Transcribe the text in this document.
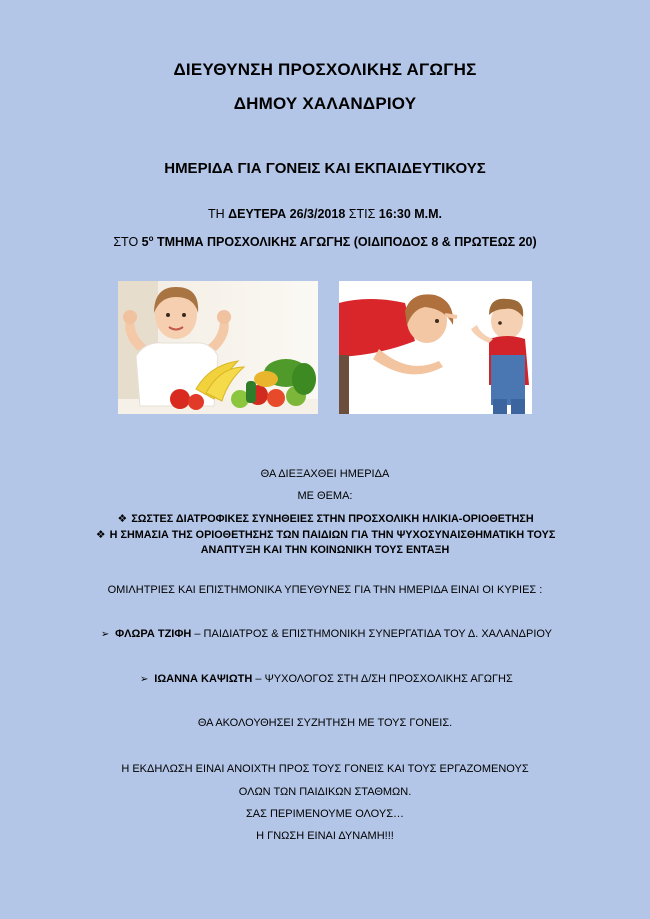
ΔΙΕΥΘΥΝΣΗ ΠΡΟΣΧΟΛΙΚΗΣ ΑΓΩΓΗΣ
ΔΗΜΟΥ ΧΑΛΑΝΔΡΙΟΥ
ΗΜΕΡΙΔΑ ΓΙΑ ΓΟΝΕΙΣ ΚΑΙ ΕΚΠΑΙΔΕΥΤΙΚΟΥΣ
ΤΗ ΔΕΥΤΕΡΑ 26/3/2018 ΣΤΙΣ 16:30 Μ.Μ.
ΣΤΟ $5^o$ ΤΜΗΜΑ ΠΡΟΣΧΟΛΙΚΗΣ ΑΓΩΓΗΣ (ΟΙΔΙΠΟΔΟΣ 8 & ΠΡΩΤΕΩΣ 20)
ΘΑ ΔΙΕΞΑΧΘΕΙ ΗΜΕΡΙΔΑ
ΜΕ ΘΕΜΑ:
❖ ΣΩΣΤΕΣ ΔΙΑΤΡΟΦΙΚΕΣ ΣΥΝΗΘΕΙΕΣ ΣΤΗΝ ΠΡΟΣΧΟΛΙΚΗ ΗΛΙΚΙΑ-ΟΡΙΟΘΕΤΗΣΗ
❖ Η ΣΗΜΑΣΙΑ ΤΗΣ ΟΡΙΟΘΕΤΗΣΗΣ ΤΩΝ ΠΑΙΔΙΩΝ ΓΙΑ ΤΗΝ ΨΥΧΟΣΥΝΑΙΣΘΗΜΑΤΙΚΗ ΤΟΥΣ
ΑΝΑΠΤΥΞΗ ΚΑΙ ΤΗΝ ΚΟΙΝΩΝΙΚΗ ΤΟΥΣ ΕΝΤΑΞΗ
ΟΜΙΛΗΤΡΙΕΣ ΚΑΙ ΕΠΙΣΤΗΜΟΝΙΚΑ ΥΠΕΥΘΥΝΕΣ ΓΙΑ ΤΗΝ ΗΜΕΡΙΔΑ ΕΙΝΑΙ ΟΙ ΚΥΡΙΕΣ :
➢ ΦΛΩΡΑ ΤΖΙΦΗ – ΠΑΙΔΙΑΤΡΟΣ & ΕΠΙΣΤΗΜΟΝΙΚΗ ΣΥΝΕΡΓΑΤΙΔΑ ΤΟΥ Δ. ΧΑΛΑΝΔΡΙΟΥ
➢ ΙΩΑΝΝΑ ΚΑΨΙΩΤΗ – ΨΥΧΟΛΟΓΟΣ ΣΤΗ Δ/ΣΗ ΠΡΟΣΧΟΛΙΚΗΣ ΑΓΩΓΗΣ
ΘΑ ΑΚΟΛΟΥΘΗΣΕΙ ΣΥΖΗΤΗΣΗ ΜΕ ΤΟΥΣ ΓΟΝΕΙΣ.
Η ΕΚΔΗΛΩΣΗ ΕΙΝΑΙ ΑΝΟΙΧΤΗ ΠΡΟΣ ΤΟΥΣ ΓΟΝΕΙΣ ΚΑΙ ΤΟΥΣ ΕΡΓΑΖΟΜΕΝΟΥΣ
ΟΛΩΝ ΤΩΝ ΠΑΙΔΙΚΩΝ ΣΤΑΘΜΩΝ.
ΣΑΣ ΠΕΡΙΜΕΝΟΥΜΕ ΟΛΟΥΣ…
Η ΓΝΩΣΗ ΕΙΝΑΙ ΔΥΝΑΜΗ!!!
